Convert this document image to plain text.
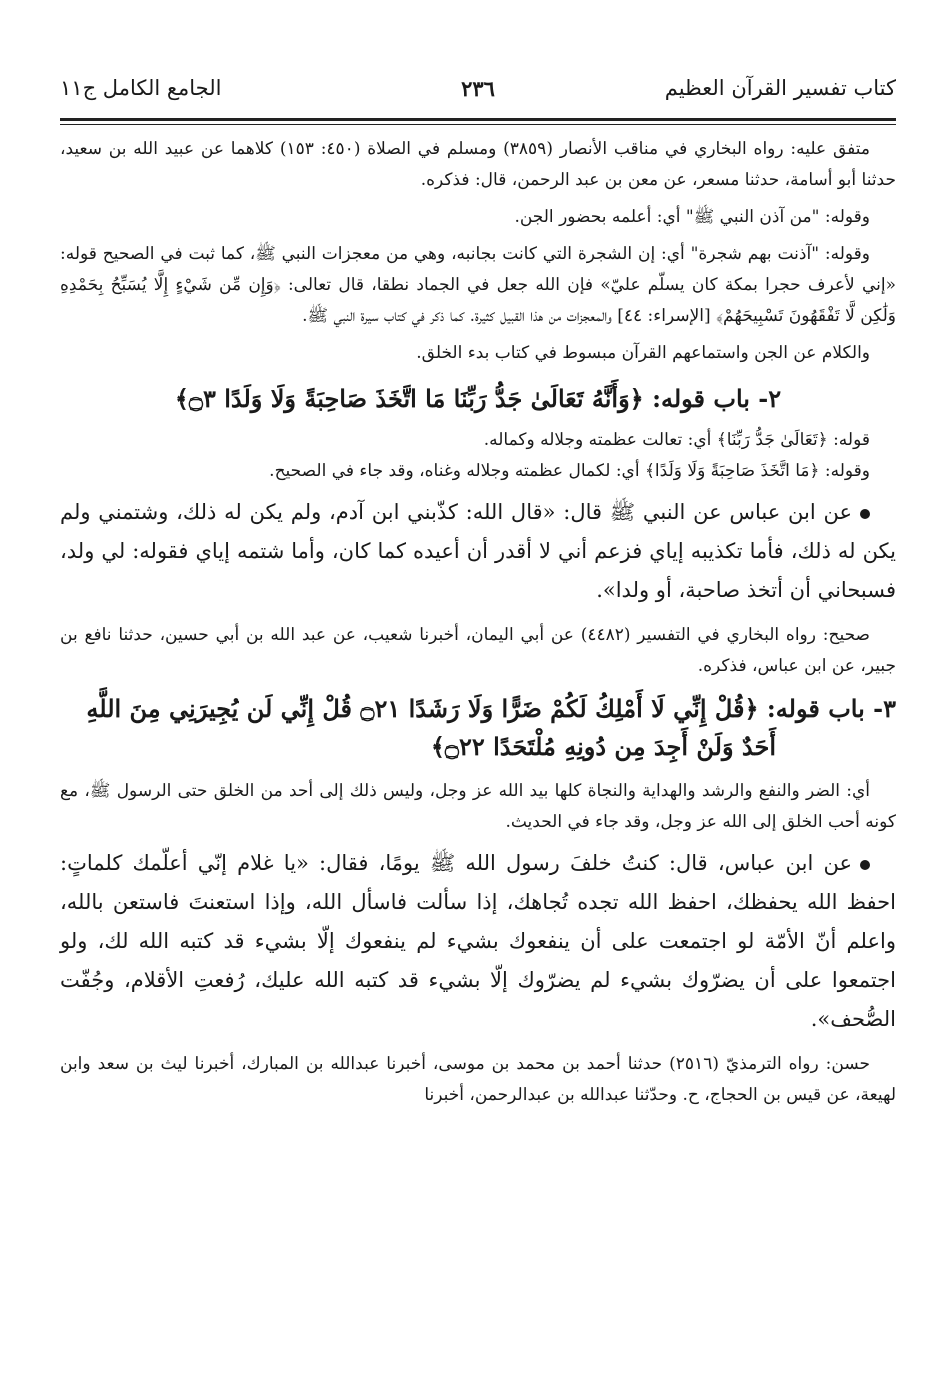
كتاب تفسير القرآن العظيم
٢٣٦
الجامع الكامل ج١١

متفق عليه: رواه البخاري في مناقب الأنصار (٣٨٥٩) ومسلم في الصلاة (٤٥٠: ١٥٣) كلاهما عن عبيد الله بن سعيد، حدثنا أبو أسامة، حدثنا مسعر، عن معن بن عبد الرحمن، قال: فذكره.

وقوله: "من آذن النبي ﷺ" أي: أعلمه بحضور الجن.

وقوله: "آذنت بهم شجرة" أي: إن الشجرة التي كانت بجانبه، وهي من معجزات النبي ﷺ، كما ثبت في الصحيح قوله: «إني لأعرف حجرا بمكة كان يسلّم عليّ» فإن الله جعل في الجماد نطقا، قال تعالى: ﴿وَإِن مِّن شَيْءٍ إِلَّا يُسَبِّحُ بِحَمْدِهِ وَلَٰكِن لَّا تَفْقَهُونَ تَسْبِيحَهُمْ﴾ [الإسراء: ٤٤] والمعجزات من هذا القبيل كثيرة. كما ذكر في كتاب سيرة النبي ﷺ.

والكلام عن الجن واستماعهم القرآن مبسوط في كتاب بدء الخلق.

٢- باب قوله: ﴿وَأَنَّهُ تَعَالَىٰ جَدُّ رَبِّنَا مَا اتَّخَذَ صَاحِبَةً وَلَا وَلَدًا ۝٣﴾

قوله: ﴿تَعَالَىٰ جَدُّ رَبِّنَا﴾ أي: تعالت عظمته وجلاله وكماله.

وقوله: ﴿مَا اتَّخَذَ صَاحِبَةً وَلَا وَلَدًا﴾ أي: لكمال عظمته وجلاله وغناه، وقد جاء في الصحيح.

عن ابن عباس عن النبي ﷺ قال: «قال الله: كذّبني ابن آدم، ولم يكن له ذلك، وشتمني ولم يكن له ذلك، فأما تكذيبه إياي فزعم أني لا أقدر أن أعيده كما كان، وأما شتمه إياي فقوله: لي ولد، فسبحاني أن أتخذ صاحبة، أو ولدا».

صحيح: رواه البخاري في التفسير (٤٤٨٢) عن أبي اليمان، أخبرنا شعيب، عن عبد الله بن أبي حسين، حدثنا نافع بن جبير، عن ابن عباس، فذكره.

٣- باب قوله: ﴿قُلْ إِنِّي لَا أَمْلِكُ لَكُمْ ضَرًّا وَلَا رَشَدًا ۝٢١ قُلْ إِنِّي لَن يُجِيرَنِي مِنَ اللَّهِ

أَحَدٌ وَلَنْ أَجِدَ مِن دُونِهِ مُلْتَحَدًا ۝٢٢﴾

أي: الضر والنفع والرشد والهداية والنجاة كلها بيد الله عز وجل، وليس ذلك إلى أحد من الخلق حتى الرسول ﷺ، مع كونه أحب الخلق إلى الله عز وجل، وقد جاء في الحديث.

عن ابن عباس، قال: كنتُ خلفَ رسول الله ﷺ يومًا، فقال: «يا غلام إنّي أعلّمك كلماتٍ: احفظ الله يحفظك، احفظ الله تجده تُجاهك، إذا سألت فاسأل الله، وإذا استعنتَ فاستعن بالله، واعلم أنّ الأمّة لو اجتمعت على أن ينفعوك بشيء لم ينفعوك إلّا بشيء قد كتبه الله لك، ولو اجتمعوا على أن يضرّوك بشيء لم يضرّوك إلّا بشيء قد كتبه الله عليك، رُفعتِ الأقلام، وجُفّت الصُّحف».

حسن: رواه الترمذيّ (٢٥١٦) حدثنا أحمد بن محمد بن موسى، أخبرنا عبدالله بن المبارك، أخبرنا ليث بن سعد وابن لهيعة، عن قيس بن الحجاج، ح. وحدّثنا عبدالله بن عبدالرحمن، أخبرنا
